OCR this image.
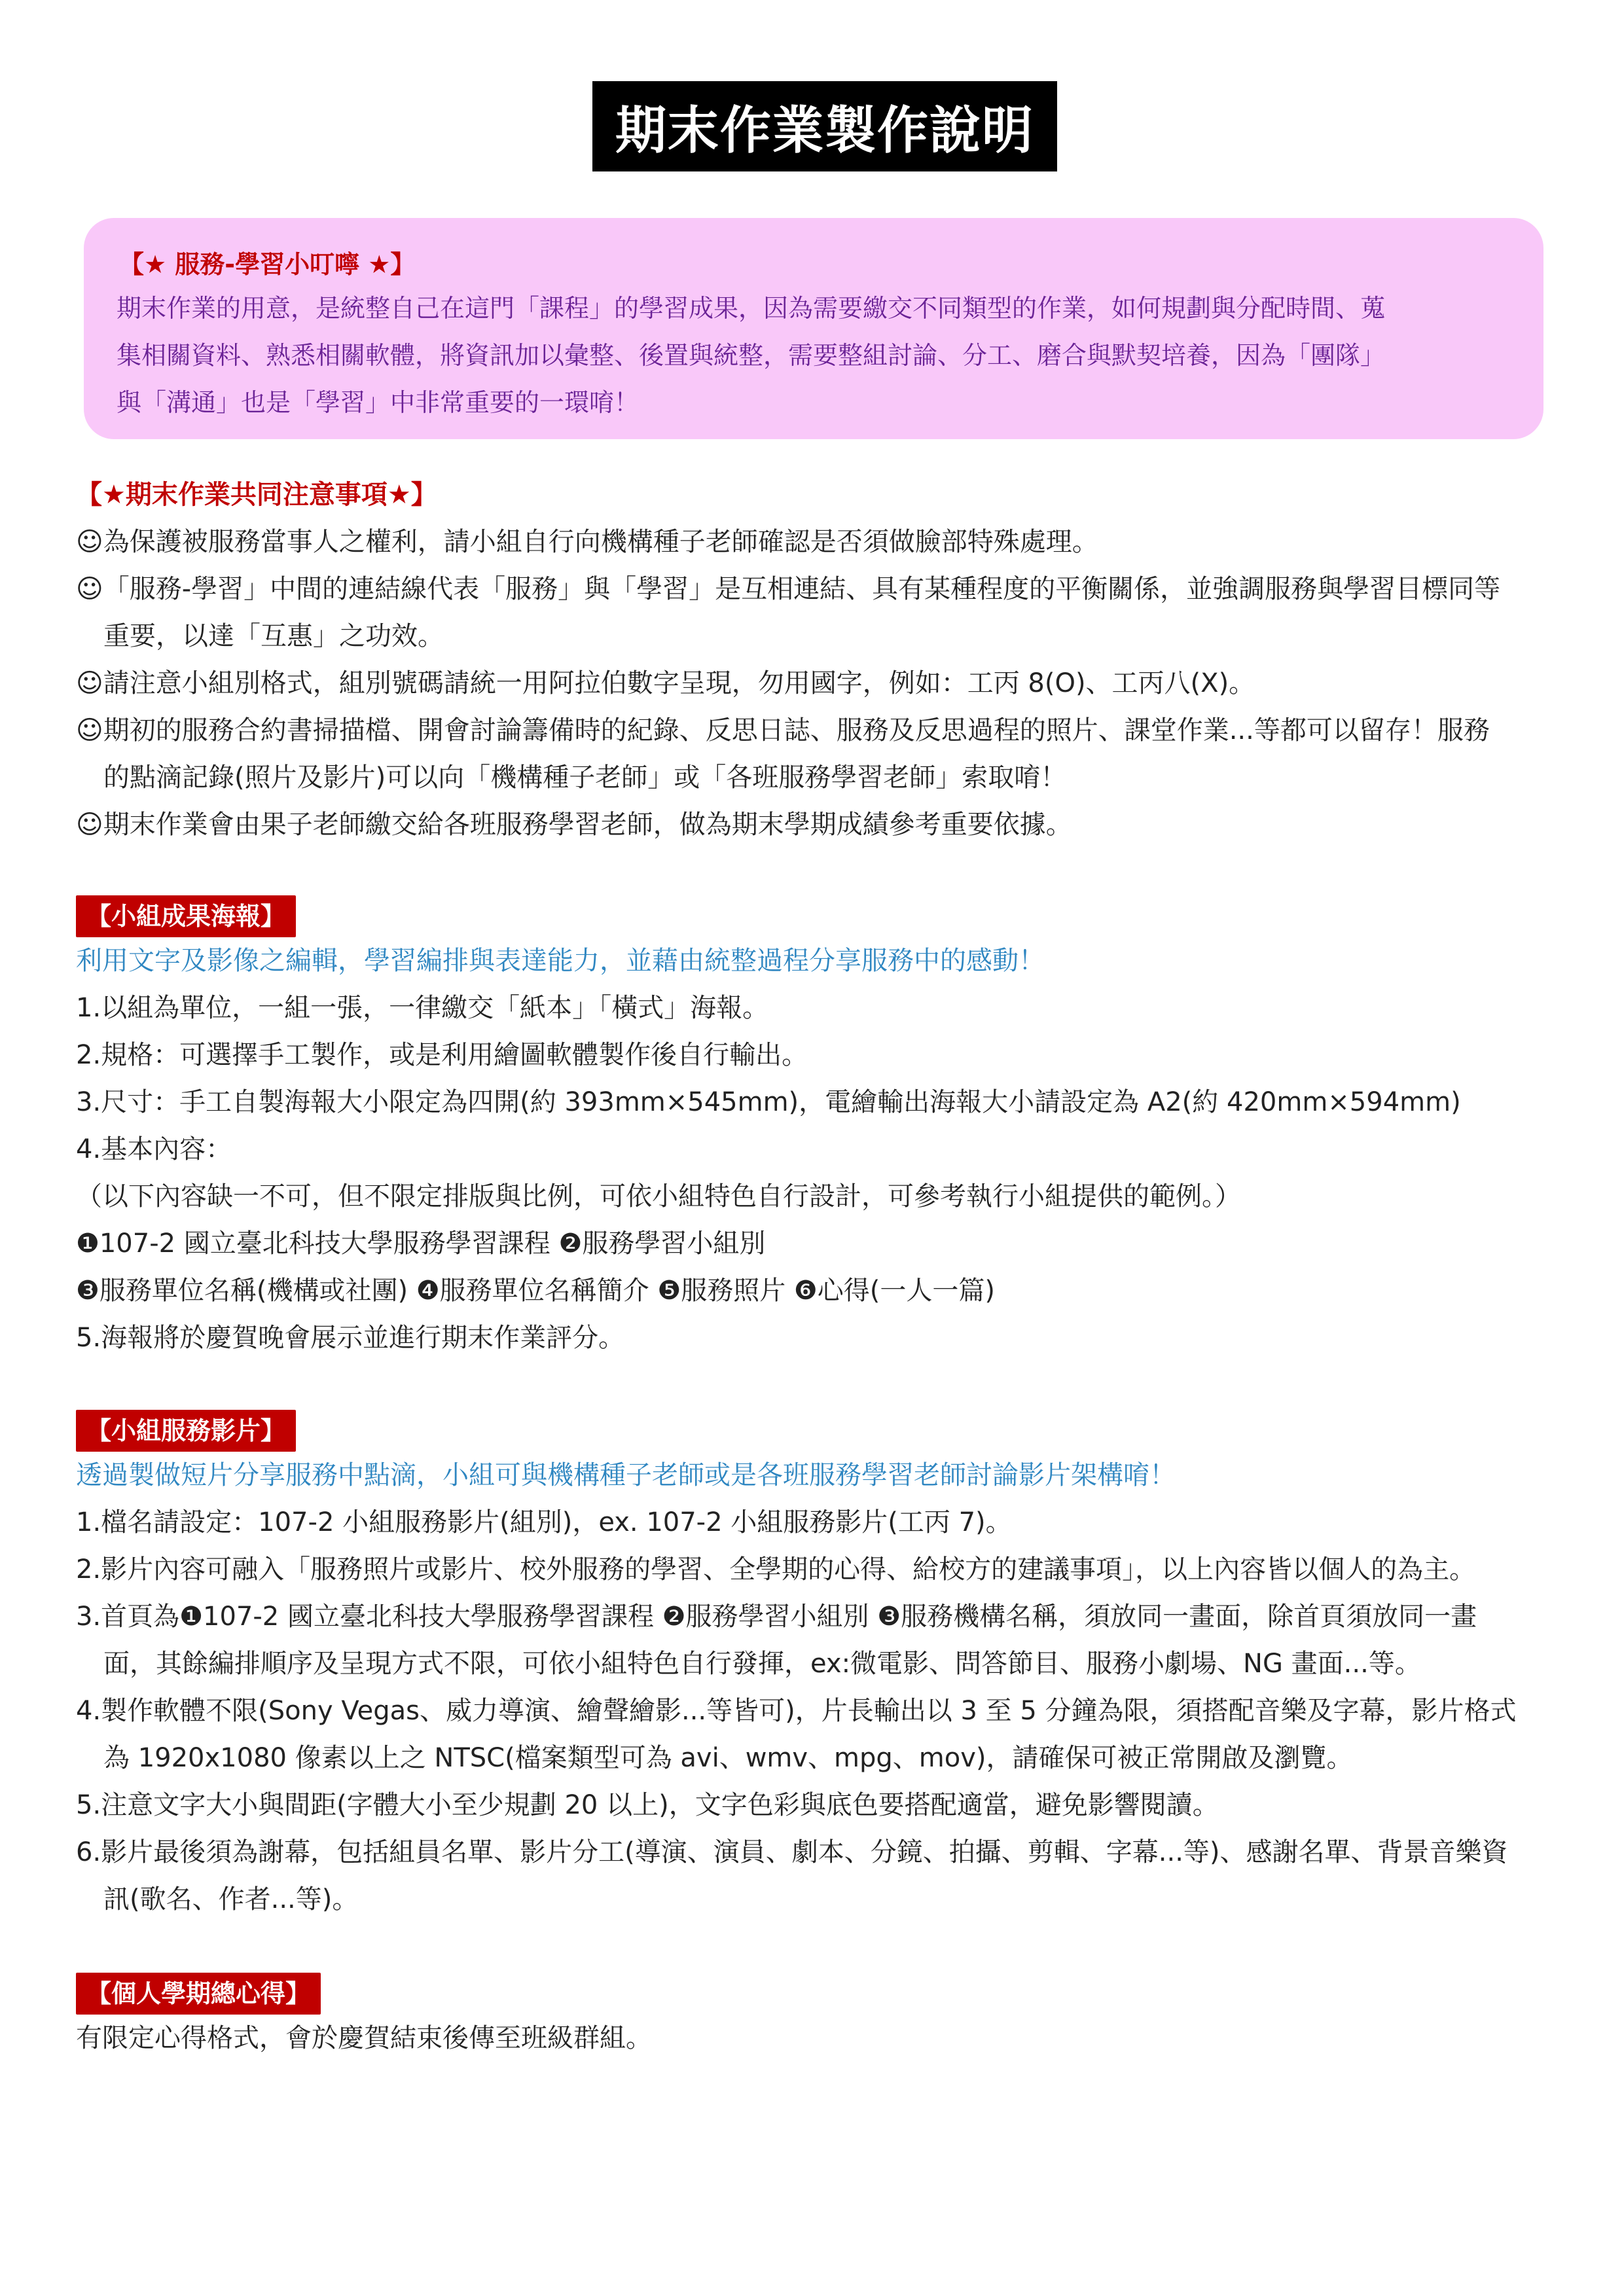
期末作業製作說明
【★ 服務-學習小叮嚀 ★】
期末作業的用意，是統整自己在這門「課程」的學習成果，因為需要繳交不同類型的作業，如何規劃與分配時間、蒐
集相關資料、熟悉相關軟體，將資訊加以彙整、後置與統整，需要整組討論、分工、磨合與默契培養，因為「團隊」
與「溝通」也是「學習」中非常重要的一環唷！
【★期末作業共同注意事項★】
☺為保護被服務當事人之權利，請小組自行向機構種子老師確認是否須做臉部特殊處理。
☺「服務-學習」中間的連結線代表「服務」與「學習」是互相連結、具有某種程度的平衡關係，並強調服務與學習目標同等
重要，以達「互惠」之功效。
☺請注意小組別格式，組別號碼請統一用阿拉伯數字呈現，勿用國字，例如：工丙 8(O)、工丙八(X)。
☺期初的服務合約書掃描檔、開會討論籌備時的紀錄、反思日誌、服務及反思過程的照片、課堂作業...等都可以留存！服務
的點滴記錄(照片及影片)可以向「機構種子老師」或「各班服務學習老師」索取唷！
☺期末作業會由果子老師繳交給各班服務學習老師，做為期末學期成績參考重要依據。
【小組成果海報】
利用文字及影像之編輯，學習編排與表達能力，並藉由統整過程分享服務中的感動！
1.以組為單位，一組一張，一律繳交「紙本」「橫式」海報。
2.規格：可選擇手工製作，或是利用繪圖軟體製作後自行輸出。
3.尺寸：手工自製海報大小限定為四開(約 393mm×545mm)，電繪輸出海報大小請設定為 A2(約 420mm×594mm)
4.基本內容：
（以下內容缺一不可，但不限定排版與比例，可依小組特色自行設計，可參考執行小組提供的範例。）
❶107-2 國立臺北科技大學服務學習課程 ❷服務學習小組別
❸服務單位名稱(機構或社團) ❹服務單位名稱簡介 ❺服務照片 ❻心得(一人一篇)
5.海報將於慶賀晚會展示並進行期末作業評分。
【小組服務影片】
透過製做短片分享服務中點滴，小組可與機構種子老師或是各班服務學習老師討論影片架構唷！
1.檔名請設定：107-2 小組服務影片(組別)，ex. 107-2 小組服務影片(工丙 7)。
2.影片內容可融入「服務照片或影片、校外服務的學習、全學期的心得、給校方的建議事項」，以上內容皆以個人的為主。
3.首頁為❶107-2 國立臺北科技大學服務學習課程 ❷服務學習小組別 ❸服務機構名稱，須放同一畫面，除首頁須放同一畫
面，其餘編排順序及呈現方式不限，可依小組特色自行發揮，ex:微電影、問答節目、服務小劇場、NG 畫面...等。
4.製作軟體不限(Sony Vegas、威力導演、繪聲繪影...等皆可)，片長輸出以 3 至 5 分鐘為限，須搭配音樂及字幕，影片格式
為 1920x1080 像素以上之 NTSC(檔案類型可為 avi、wmv、mpg、mov)，請確保可被正常開啟及瀏覽。
5.注意文字大小與間距(字體大小至少規劃 20 以上)，文字色彩與底色要搭配適當，避免影響閱讀。
6.影片最後須為謝幕，包括組員名單、影片分工(導演、演員、劇本、分鏡、拍攝、剪輯、字幕...等)、感謝名單、背景音樂資
訊(歌名、作者...等)。
【個人學期總心得】
有限定心得格式，會於慶賀結束後傳至班級群組。
